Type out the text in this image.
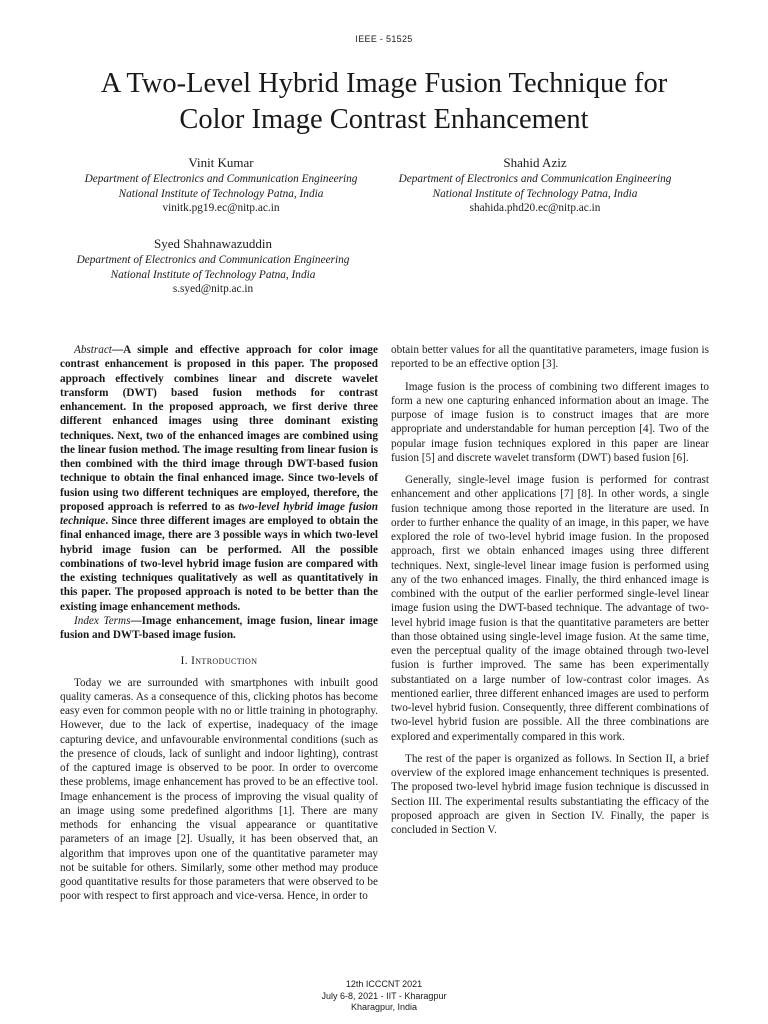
IEEE - 51525
A Two-Level Hybrid Image Fusion Technique for
Color Image Contrast Enhancement
Vinit Kumar
Department of Electronics and Communication Engineering
National Institute of Technology Patna, India
vinitk.pg19.ec@nitp.ac.in
Shahid Aziz
Department of Electronics and Communication Engineering
National Institute of Technology Patna, India
shahida.phd20.ec@nitp.ac.in
Syed Shahnawazuddin
Department of Electronics and Communication Engineering
National Institute of Technology Patna, India
s.syed@nitp.ac.in

Abstract—A simple and effective approach for color image contrast enhancement is proposed in this paper. The proposed approach effectively combines linear and discrete wavelet transform (DWT) based fusion methods for contrast enhancement. In the proposed approach, we first derive three different enhanced images using three dominant existing techniques. Next, two of the enhanced images are combined using the linear fusion method. The image resulting from linear fusion is then combined with the third image through DWT-based fusion technique to obtain the final enhanced image. Since two-levels of fusion using two different techniques are employed, therefore, the proposed approach is referred to as two-level hybrid image fusion technique. Since three different images are employed to obtain the final enhanced image, there are 3 possible ways in which two-level hybrid image fusion can be performed. All the possible combinations of two-level hybrid image fusion are compared with the existing techniques qualitatively as well as quantitatively in this paper. The proposed approach is noted to be better than the existing image enhancement methods.

Index Terms—Image enhancement, image fusion, linear image fusion and DWT-based image fusion.

I. Introduction

Today we are surrounded with smartphones with inbuilt good quality cameras. As a consequence of this, clicking photos has become easy even for common people with no or little training in photography. However, due to the lack of expertise, inadequacy of the image capturing device, and unfavourable environmental conditions (such as the presence of clouds, lack of sunlight and indoor lighting), contrast of the captured image is observed to be poor. In order to overcome these problems, image enhancement has proved to be an effective tool. Image enhancement is the process of improving the visual quality of an image using some predefined algorithms [1]. There are many methods for enhancing the visual appearance or quantitative parameters of an image [2]. Usually, it has been observed that, an algorithm that improves upon one of the quantitative parameter may not be suitable for others. Similarly, some other method may produce good quantitative results for those parameters that were observed to be poor with respect to first approach and vice-versa. Hence, in order to

obtain better values for all the quantitative parameters, image fusion is reported to be an effective option [3].

Image fusion is the process of combining two different images to form a new one capturing enhanced information about an image. The purpose of image fusion is to construct images that are more appropriate and understandable for human perception [4]. Two of the popular image fusion techniques explored in this paper are linear fusion [5] and discrete wavelet transform (DWT) based fusion [6].

Generally, single-level image fusion is performed for contrast enhancement and other applications [7] [8]. In other words, a single fusion technique among those reported in the literature are used. In order to further enhance the quality of an image, in this paper, we have explored the role of two-level hybrid image fusion. In the proposed approach, first we obtain enhanced images using three different techniques. Next, single-level linear image fusion is performed using any of the two enhanced images. Finally, the third enhanced image is combined with the output of the earlier performed single-level linear image fusion using the DWT-based technique. The advantage of two-level hybrid image fusion is that the quantitative parameters are better than those obtained using single-level image fusion. At the same time, even the perceptual quality of the image obtained through two-level fusion is further improved. The same has been experimentally substantiated on a large number of low-contrast color images. As mentioned earlier, three different enhanced images are used to perform two-level hybrid fusion. Consequently, three different combinations of two-level hybrid fusion are possible. All the three combinations are explored and experimentally compared in this work.

The rest of the paper is organized as follows. In Section II, a brief overview of the explored image enhancement techniques is presented. The proposed two-level hybrid image fusion technique is discussed in Section III. The experimental results substantiating the efficacy of the proposed approach are given in Section IV. Finally, the paper is concluded in Section V.

12th ICCCNT 2021
July 6-8, 2021 - IIT - Kharagpur
Kharagpur, India
